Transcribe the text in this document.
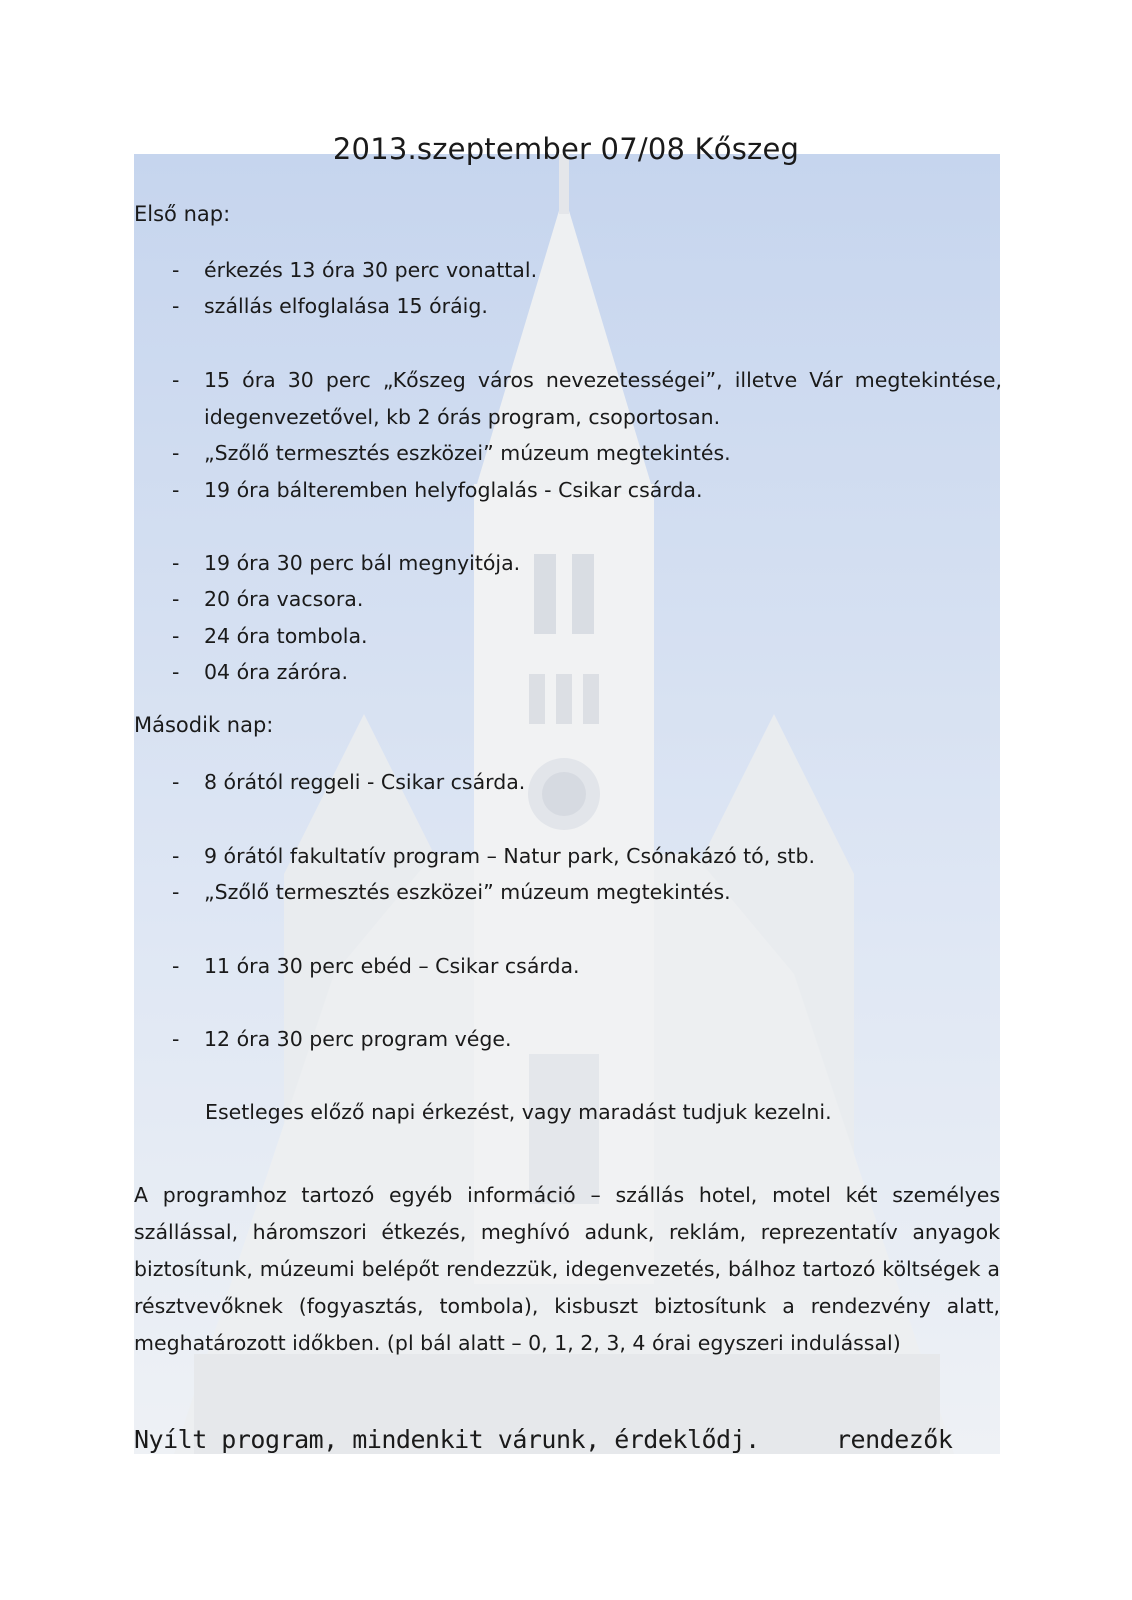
2013.szeptember 07/08 Kőszeg
Első nap:
- érkezés 13 óra 30 perc vonattal.
- szállás elfoglalása 15 óráig.
- 15 óra 30 perc „Kőszeg város nevezetességei”, illetve Vár megtekintése, idegenvezetővel, kb 2 órás program, csoportosan.
- „Szőlő termesztés eszközei” múzeum megtekintés.
- 19 óra bálteremben helyfoglalás - Csikar csárda.
- 19 óra 30 perc bál megnyitója.
- 20 óra vacsora.
- 24 óra tombola.
- 04 óra záróra.
Második nap:
- 8 órától reggeli - Csikar csárda.
- 9 órától fakultatív program – Natur park, Csónakázó tó, stb.
- „Szőlő termesztés eszközei” múzeum megtekintés.
- 11 óra 30 perc ebéd – Csikar csárda.
- 12 óra 30 perc program vége.
Esetleges előző napi érkezést, vagy maradást tudjuk kezelni.
A programhoz tartozó egyéb információ – szállás hotel, motel két személyes szállással, háromszori étkezés, meghívó adunk, reklám, reprezentatív anyagok biztosítunk, múzeumi belépőt rendezzük, idegenvezetés, bálhoz tartozó költségek a résztvevőknek (fogyasztás, tombola), kisbuszt biztosítunk a rendezvény alatt, meghatározott időkben. (pl bál alatt – 0, 1, 2, 3, 4 órai egyszeri indulással)
Nyílt program, mindenkit várunk, érdeklődj.	rendezők
